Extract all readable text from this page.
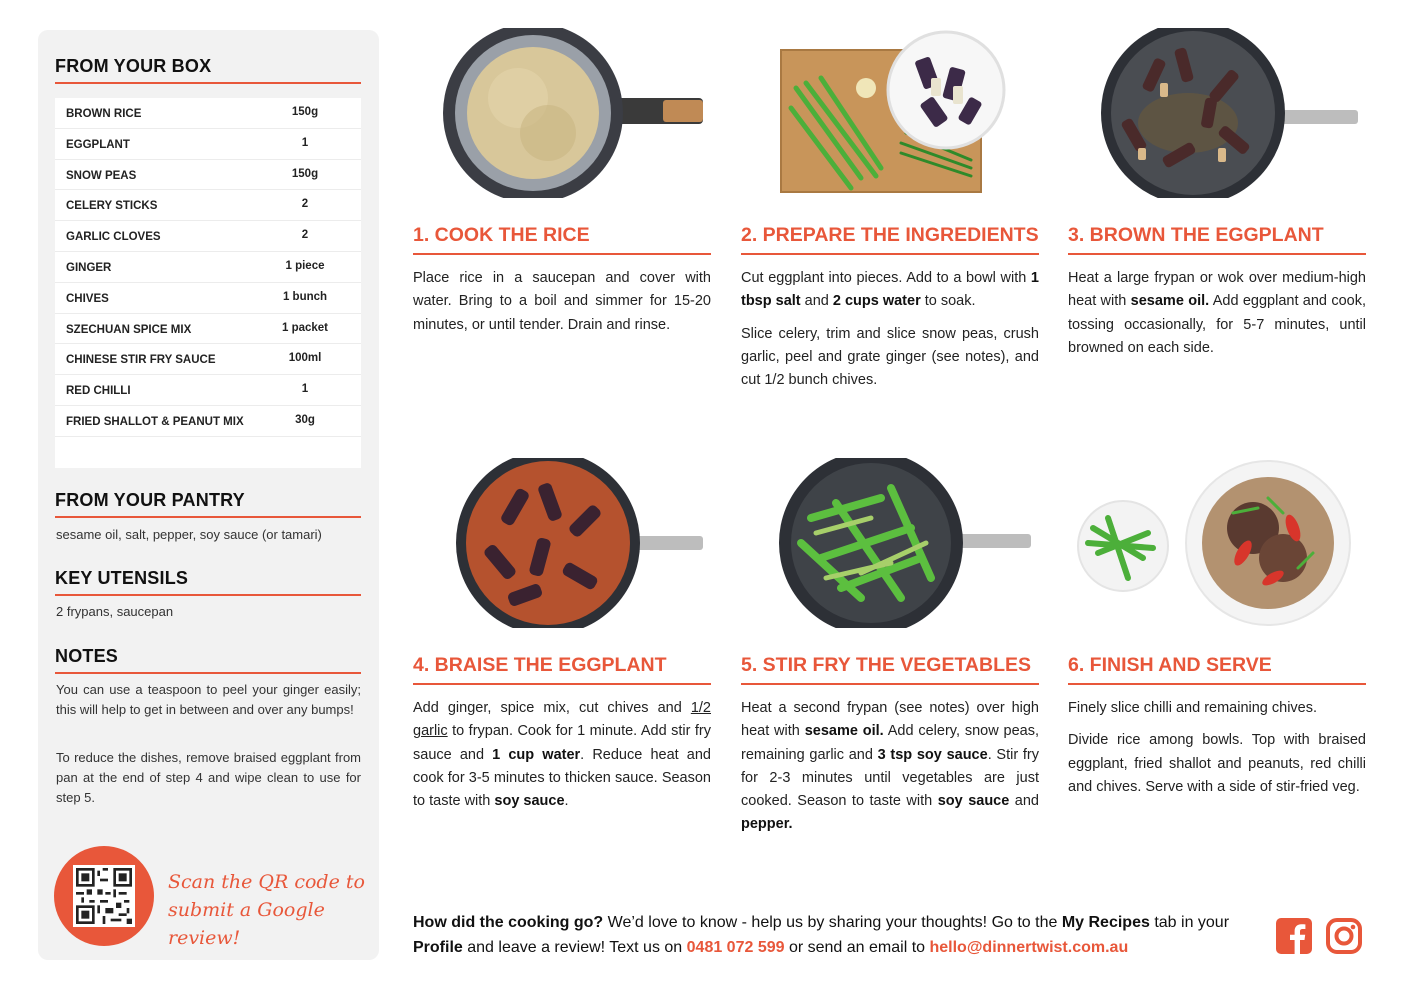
FROM YOUR BOX
BROWN RICE	150g
EGGPLANT	1
SNOW PEAS	150g
CELERY STICKS	2
GARLIC CLOVES	2
GINGER	1 piece
CHIVES	1 bunch
SZECHUAN SPICE MIX	1 packet
CHINESE STIR FRY SAUCE	100ml
RED CHILLI	1
FRIED SHALLOT & PEANUT MIX	30g
FROM YOUR PANTRY
sesame oil, salt, pepper, soy sauce (or tamari)
KEY UTENSILS
2 frypans, saucepan
NOTES
You can use a teaspoon to peel your ginger easily; this will help to get in between and over any bumps!
To reduce the dishes, remove braised eggplant from pan at the end of step 4 and wipe clean to use for step 5.
Scan the QR code to
submit a Google review!
1. COOK THE RICE

Place rice in a saucepan and cover with water. Bring to a boil and simmer for 15-20 minutes, or until tender. Drain and rinse.

2. PREPARE THE INGREDIENTS

Cut eggplant into pieces. Add to a bowl with 1 tbsp salt and 2 cups water to soak.

Slice celery, trim and slice snow peas, crush garlic, peel and grate ginger (see notes), and cut 1/2 bunch chives.

3. BROWN THE EGGPLANT

Heat a large frypan or wok over medium-high heat with sesame oil. Add eggplant and cook, tossing occasionally, for 5-7 minutes, until browned on each side.

4. BRAISE THE EGGPLANT

Add ginger, spice mix, cut chives and 1/2 garlic to frypan. Cook for 1 minute. Add stir fry sauce and 1 cup water. Reduce heat and cook for 3-5 minutes to thicken sauce. Season to taste with soy sauce.

5. STIR FRY THE VEGETABLES

Heat a second frypan (see notes) over high heat with sesame oil. Add celery, snow peas, remaining garlic and 3 tsp soy sauce. Stir fry for 2-3 minutes until vegetables are just cooked. Season to taste with soy sauce and pepper.

6. FINISH AND SERVE

Finely slice chilli and remaining chives.

Divide rice among bowls. Top with braised eggplant, fried shallot and peanuts, red chilli and chives. Serve with a side of stir-fried veg.

How did the cooking go? We’d love to know - help us by sharing your thoughts! Go to the My Recipes tab in your Profile and leave a review! Text us on 0481 072 599 or send an email to hello@dinnertwist.com.au
